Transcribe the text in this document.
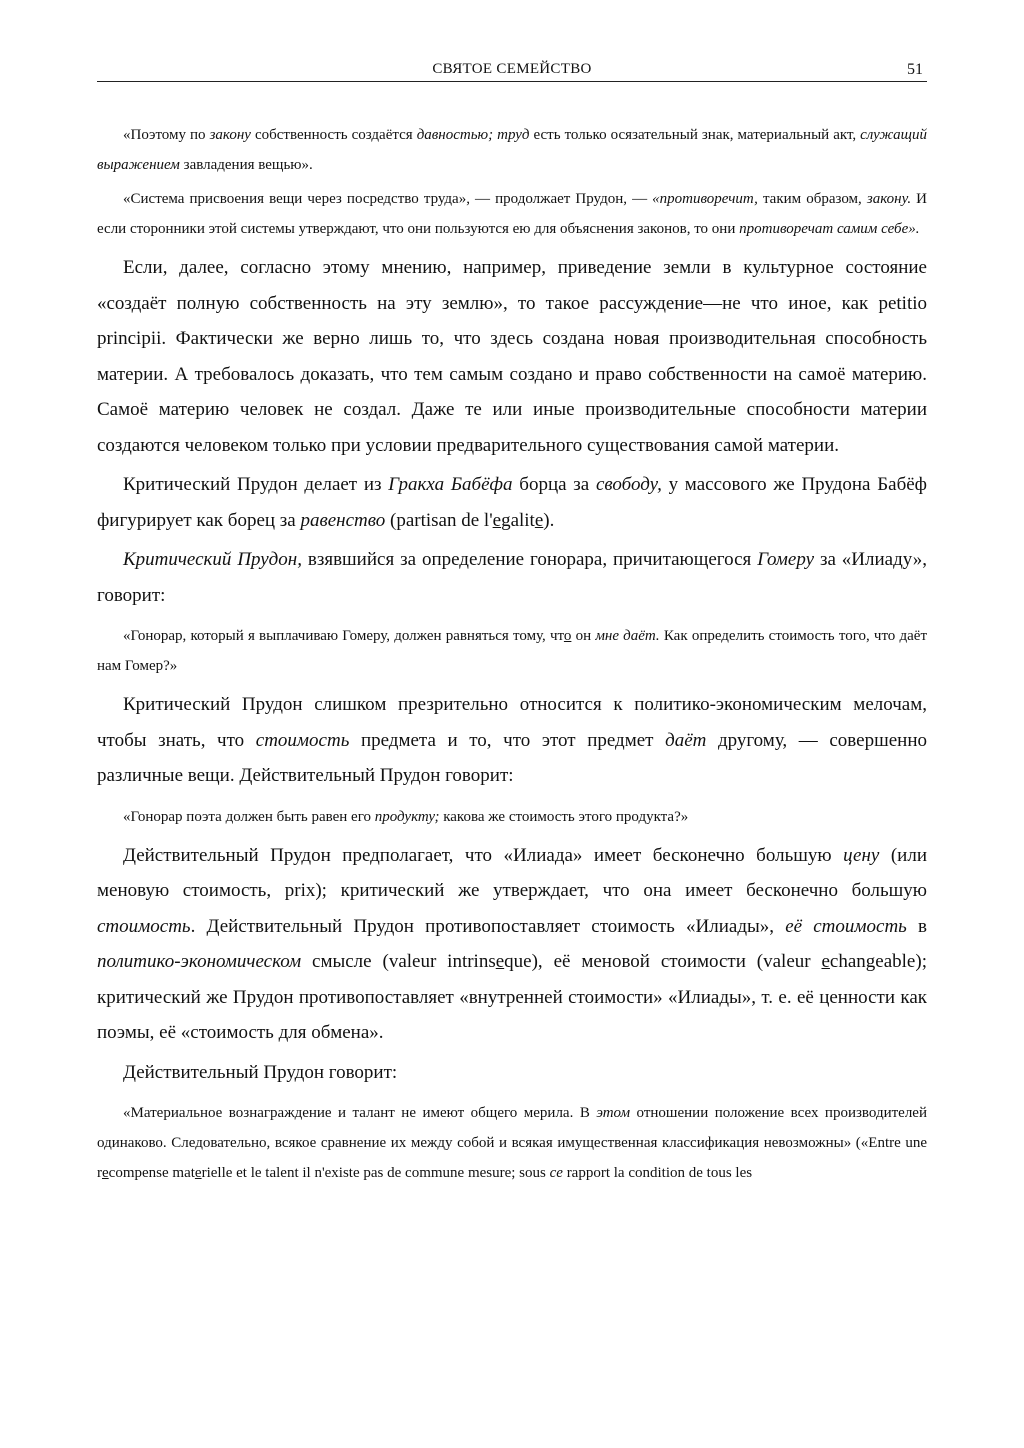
СВЯТОЕ СЕМЕЙСТВО	51

«Поэтому по закону собственность создаётся давностью; труд есть только осязательный знак, материальный акт, служащий выражением завладения вещью».

«Система присвоения вещи через посредство труда», — продолжает Прудон, — «противоречит, таким образом, закону. И если сторонники этой системы утверждают, что они пользуются ею для объяснения законов, то они противоречат самим себе».

Если, далее, согласно этому мнению, например, приведение земли в культурное состояние «создаёт полную собственность на эту землю», то такое рассуждение—не что иное, как petitio principii. Фактически же верно лишь то, что здесь создана новая производительная способность материи. А требовалось доказать, что тем самым создано и право собственности на самоё материю. Самоё материю человек не создал. Даже те или иные производительные способности материи создаются человеком только при условии предварительного существования самой материи.

Критический Прудон делает из Гракха Бабёфа борца за свободу, у массового же Прудона Бабёф фигурирует как борец за равенство (partisan de l'egalite).

Критический Прудон, взявшийся за определение гонорара, причитающегося Гомеру за «Илиаду», говорит:

«Гонорар, который я выплачиваю Гомеру, должен равняться тому, что он мне даёт. Как определить стоимость того, что даёт нам Гомер?»

Критический Прудон слишком презрительно относится к политико-экономическим мелочам, чтобы знать, что стоимость предмета и то, что этот предмет даёт другому, — совершенно различные вещи. Действительный Прудон говорит:

«Гонорар поэта должен быть равен его продукту; какова же стоимость этого продукта?»

Действительный Прудон предполагает, что «Илиада» имеет бесконечно большую цену (или меновую стоимость, prix); критический же утверждает, что она имеет бесконечно большую стоимость. Действительный Прудон противопоставляет стоимость «Илиады», её стоимость в политико-экономическом смысле (valeur intrinseque), её меновой стоимости (valeur echangeable); критический же Прудон противопоставляет «внутренней стоимости» «Илиады», т. е. её ценности как поэмы, её «стоимость для обмена».

Действительный Прудон говорит:

«Материальное вознаграждение и талант не имеют общего мерила. В этом отношении положение всех производителей одинаково. Следовательно, всякое сравнение их между собой и всякая имущественная классификация невозможны» («Entre une recompense materielle et le talent il n'existe pas de commune mesure; sous ce rapport la condition de tous les
